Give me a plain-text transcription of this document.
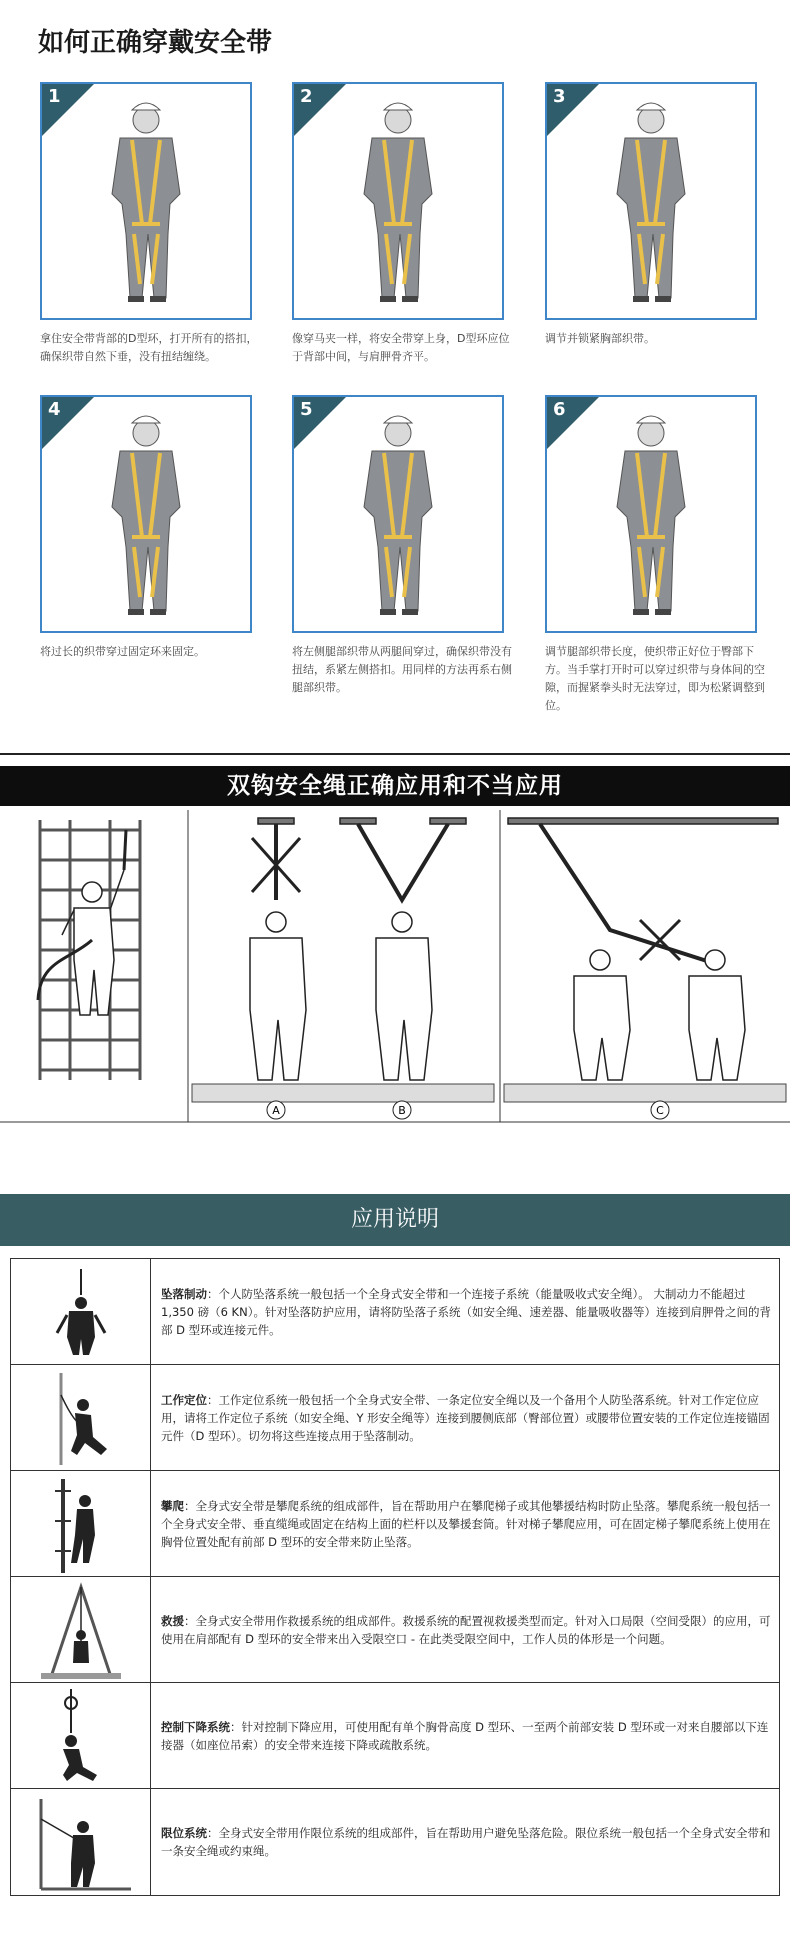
如何正确穿戴安全带
1
拿住安全带背部的D型环，打开所有的搭扣，确保织带自然下垂，没有扭结缠绕。
2
像穿马夹一样，将安全带穿上身，D型环应位于背部中间，与肩胛骨齐平。
3
调节并锁紧胸部织带。
4
将过长的织带穿过固定环来固定。
5
将左侧腿部织带从两腿间穿过，确保织带没有扭结，系紧左侧搭扣。用同样的方法再系右侧腿部织带。
6
调节腿部织带长度，使织带正好位于臀部下方。当手掌打开时可以穿过织带与身体间的空隙，而握紧拳头时无法穿过，即为松紧调整到位。
双钩安全绳正确应用和不当应用
A	B	C
应用说明
坠落制动：个人防坠落系统一般包括一个全身式安全带和一个连接子系统（能量吸收式安全绳）。 大制动力不能超过 1,350 磅（6 KN）。针对坠落防护应用，请将防坠落子系统（如安全绳、速差器、能量吸收器等）连接到肩胛骨之间的背部 D 型环或连接元件。
工作定位：工作定位系统一般包括一个全身式安全带、一条定位安全绳以及一个备用个人防坠落系统。针对工作定位应用，请将工作定位子系统（如安全绳、Y 形安全绳等）连接到腰侧底部（臀部位置）或腰带位置安装的工作定位连接锚固元件（D 型环）。切勿将这些连接点用于坠落制动。
攀爬：全身式安全带是攀爬系统的组成部件，旨在帮助用户在攀爬梯子或其他攀援结构时防止坠落。攀爬系统一般包括一个全身式安全带、垂直缆绳或固定在结构上面的栏杆以及攀援套筒。针对梯子攀爬应用，可在固定梯子攀爬系统上使用在胸骨位置处配有前部 D 型环的安全带来防止坠落。
救援：全身式安全带用作救援系统的组成部件。救援系统的配置视救援类型而定。针对入口局限（空间受限）的应用，可使用在肩部配有 D 型环的安全带来出入受限空口 - 在此类受限空间中，工作人员的体形是一个问题。
控制下降系统：针对控制下降应用，可使用配有单个胸骨高度 D 型环、一至两个前部安装 D 型环或一对来自腰部以下连接器（如座位吊索）的安全带来连接下降或疏散系统。
限位系统：全身式安全带用作限位系统的组成部件，旨在帮助用户避免坠落危险。限位系统一般包括一个全身式安全带和一条安全绳或约束绳。
